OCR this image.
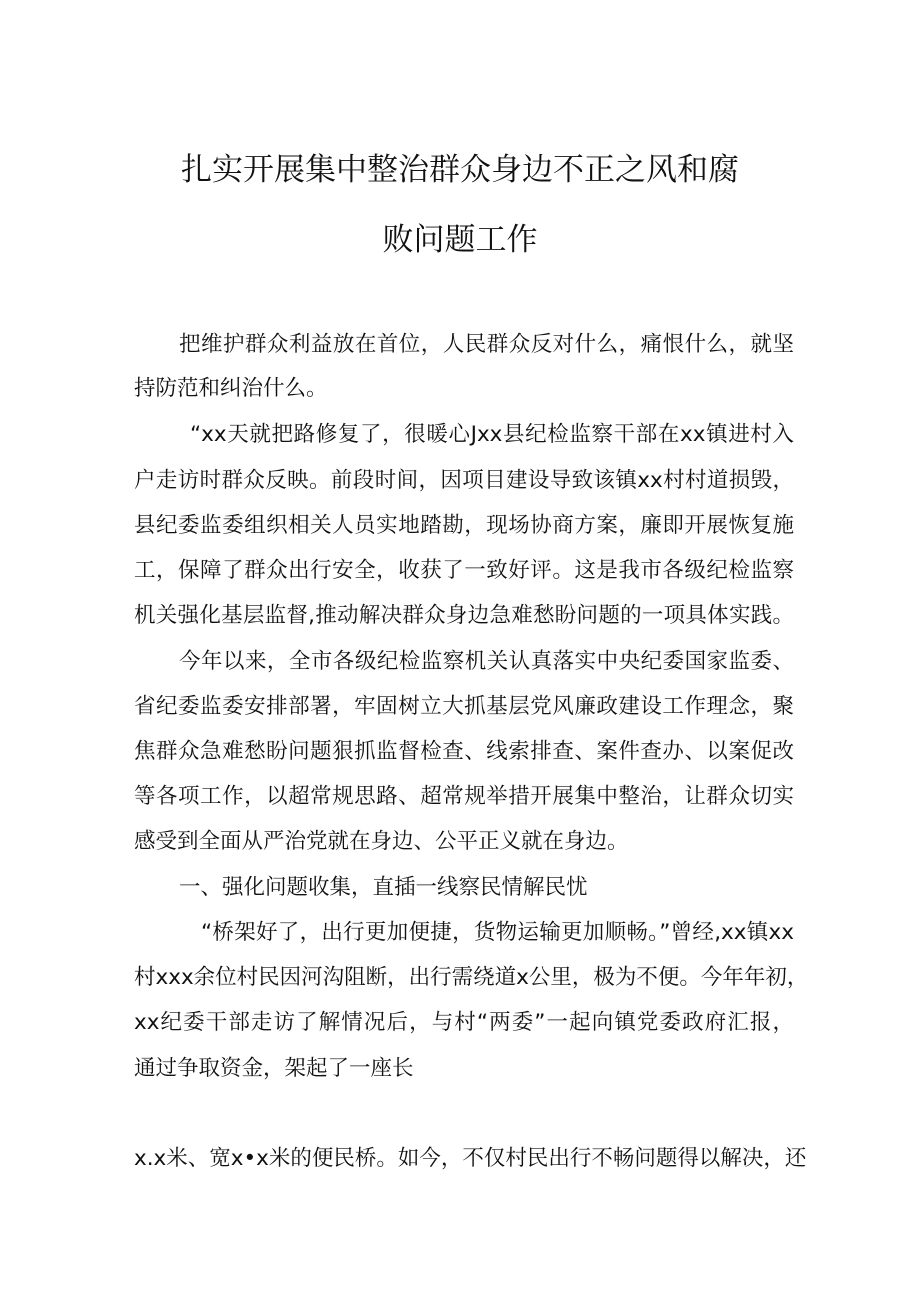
扎实开展集中整治群众身边不正之风和腐
败问题工作
把维护群众利益放在首位，人民群众反对什么，痛恨什么，就坚
持防范和纠治什么。
“xx天就把路修复了，很暖心Jxx县纪检监察干部在xx镇进村入
户走访时群众反映。前段时间，因项目建设导致该镇xx村村道损毁，
县纪委监委组织相关人员实地踏勘，现场协商方案，廉即开展恢复施
工，保障了群众出行安全，收获了一致好评。这是我市各级纪检监察
机关强化基层监督,推动解决群众身边急难愁盼问题的一项具体实践。
今年以来，全市各级纪检监察机关认真落实中央纪委国家监委、
省纪委监委安排部署，牢固树立大抓基层党风廉政建设工作理念，聚
焦群众急难愁盼问题狠抓监督检查、线索排查、案件查办、以案促改
等各项工作，以超常规思路、超常规举措开展集中整治，让群众切实
感受到全面从严治党就在身边、公平正义就在身边。
一、强化问题收集，直插一线察民情解民忧
“桥架好了，出行更加便捷，货物运输更加顺畅。”曾经,xx镇xx
村xxx余位村民因河沟阻断，出行需绕道x公里，极为不便。今年年初，
xx纪委干部走访了解情况后，与村“两委”一起向镇党委政府汇报，
通过争取资金，架起了一座长
x.x米、宽x•x米的便民桥。如今，不仅村民出行不畅问题得以解决，还
